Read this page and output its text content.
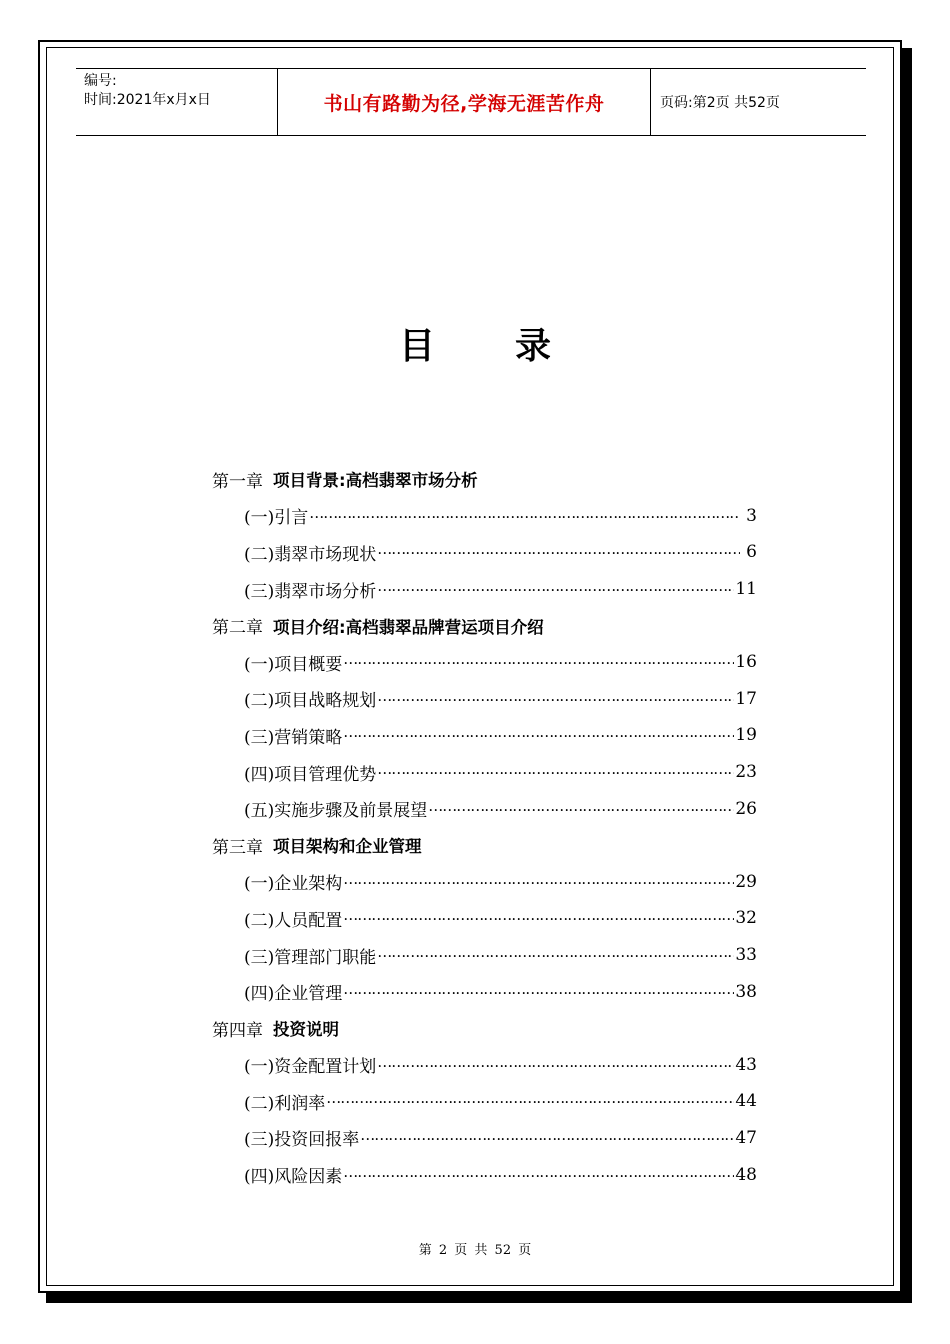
编号:
时间:2021年x月x日	书山有路勤为径,学海无涯苦作舟	页码:第2页 共52页
目录
第一章 项目背景:高档翡翠市场分析
(一)引言 ………………………………………………………………………………………………………………………………	3
(二)翡翠市场现状 ………………………………………………………………………………………………………………………………	6
(三)翡翠市场分析 ………………………………………………………………………………………………………………………………	11
第二章 项目介绍:高档翡翠品牌营运项目介绍
(一)项目概要 ………………………………………………………………………………………………………………………………	16
(二)项目战略规划 ………………………………………………………………………………………………………………………………	17
(三)营销策略 ………………………………………………………………………………………………………………………………	19
(四)项目管理优势 ………………………………………………………………………………………………………………………………	23
(五)实施步骤及前景展望 ………………………………………………………………………………………………………………………………	26
第三章 项目架构和企业管理
(一)企业架构 ………………………………………………………………………………………………………………………………	29
(二)人员配置 ………………………………………………………………………………………………………………………………	32
(三)管理部门职能 ………………………………………………………………………………………………………………………………	33
(四)企业管理 ………………………………………………………………………………………………………………………………	38
第四章 投资说明
(一)资金配置计划 ………………………………………………………………………………………………………………………………	43
(二)利润率 ………………………………………………………………………………………………………………………………	44
(三)投资回报率 ………………………………………………………………………………………………………………………………	47
(四)风险因素 ………………………………………………………………………………………………………………………………	48
第 2 页 共 52 页
